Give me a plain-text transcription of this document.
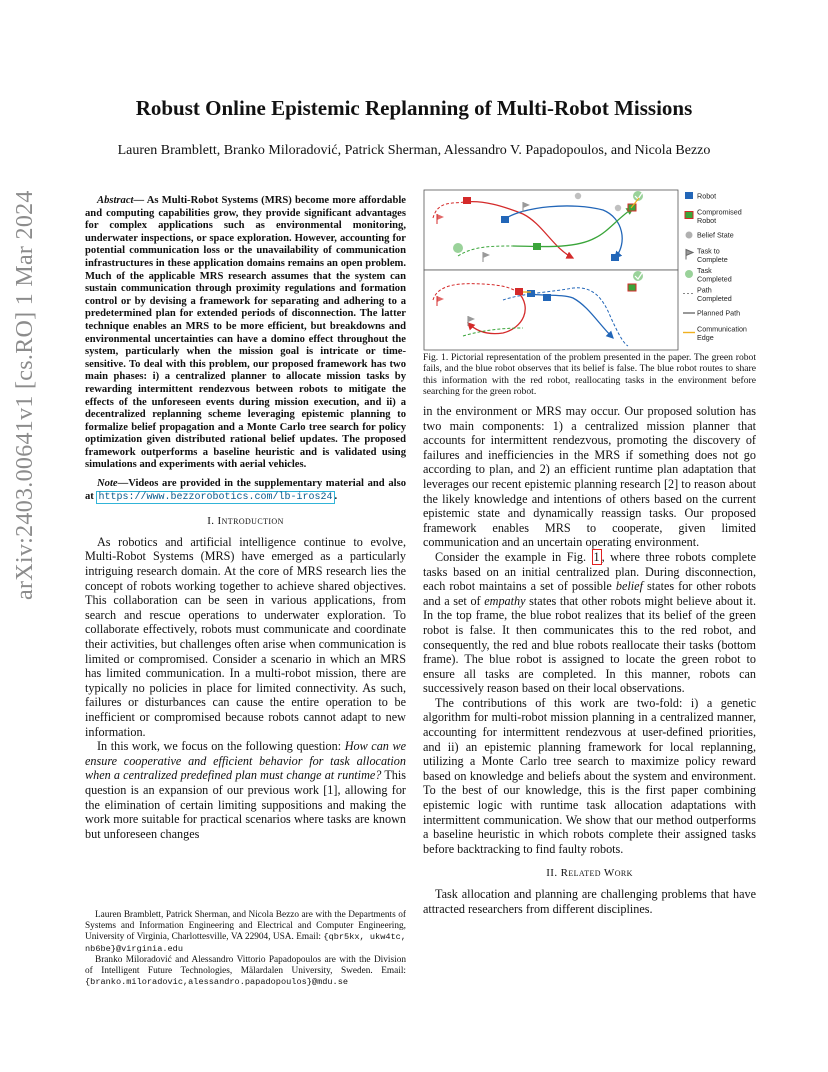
arXiv:2403.00641v1 [cs.RO] 1 Mar 2024
Robust Online Epistemic Replanning of Multi-Robot Missions
Lauren Bramblett, Branko Miloradović, Patrick Sherman, Alessandro V. Papadopoulos, and Nicola Bezzo

Abstract— As Multi-Robot Systems (MRS) become more affordable and computing capabilities grow, they provide significant advantages for complex applications such as environmental monitoring, underwater inspections, or space exploration. However, accounting for potential communication loss or the unavailability of communication infrastructures in these application domains remains an open problem. Much of the applicable MRS research assumes that the system can sustain communication through proximity regulations and formation control or by devising a framework for separating and adhering to a predetermined plan for extended periods of disconnection. The latter technique enables an MRS to be more efficient, but breakdowns and environmental uncertainties can have a domino effect throughout the system, particularly when the mission goal is intricate or time-sensitive. To deal with this problem, our proposed framework has two main phases: i) a centralized planner to allocate mission tasks by rewarding intermittent rendezvous between robots to mitigate the effects of the unforeseen events during mission execution, and ii) a decentralized replanning scheme leveraging epistemic planning to formalize belief propagation and a Monte Carlo tree search for policy optimization given distributed rational belief updates. The proposed framework outperforms a baseline heuristic and is validated using simulations and experiments with aerial vehicles.

Note—Videos are provided in the supplementary material and also at https://www.bezzorobotics.com/lb-iros24 .

I. Introduction

As robotics and artificial intelligence continue to evolve, Multi-Robot Systems (MRS) have emerged as a particularly intriguing research domain. At the core of MRS research lies the concept of robots working together to achieve shared objectives. This collaboration can be seen in various applications, from search and rescue operations to underwater exploration. To collaborate effectively, robots must communicate and coordinate their activities, but challenges often arise when communication is limited or compromised. Consider a scenario in which an MRS has limited communication. In a multi-robot mission, there are typically no policies in place for limited connectivity. As such, failures or disturbances can cause the entire operation to be inefficient or compromised because robots cannot adapt to new information.

In this work, we focus on the following question: How can we ensure cooperative and efficient behavior for task allocation when a centralized predefined plan must change at runtime? This question is an expansion of our previous work [1], allowing for the elimination of certain limiting suppositions and making the work more suitable for practical scenarios where tasks are known but unforeseen changes

Lauren Bramblett, Patrick Sherman, and Nicola Bezzo are with the Departments of Systems and Information Engineering and Electrical and Computer Engineering, University of Virginia, Charlottesville, VA 22904, USA. Email: {qbr5kx, ukw4tc, nb6be}@virginia.edu

Branko Miloradović and Alessandro Vittorio Papadopoulos are with the Division of Intelligent Future Technologies, Mälardalen University, Sweden. Email: {branko.miloradovic,alessandro.papadopoulos}@mdu.se

Robot
Compromised
Robot
Belief State
Task to
Complete
Task
Completed
Path
Completed
Planned Path
Communication
Edge
Fig. 1. Pictorial representation of the problem presented in the paper. The green robot fails, and the blue robot observes that its belief is false. The blue robot routes to share this information with the red robot, reallocating tasks in the environment before searching for the green robot.

in the environment or MRS may occur. Our proposed solution has two main components: 1) a centralized mission planner that accounts for intermittent rendezvous, promoting the discovery of failures and inefficiencies in the MRS if something does not go according to plan, and 2) an efficient runtime plan adaptation that leverages our recent epistemic planning research [2] to reason about the likely knowledge and intentions of others based on the current epistemic state and dynamically reassign tasks. Our proposed framework enables MRS to cooperate, given limited communication and an uncertain operating environment.

Consider the example in Fig. 1 , where three robots complete tasks based on an initial centralized plan. During disconnection, each robot maintains a set of possible belief states for other robots and a set of empathy states that other robots might believe about it. In the top frame, the blue robot realizes that its belief of the green robot is false. It then communicates this to the red robot, and consequently, the red and blue robots reallocate their tasks (bottom frame). The blue robot is assigned to locate the green robot to ensure all tasks are completed. In this manner, robots can successively reason based on their local observations.

The contributions of this work are two-fold: i) a genetic algorithm for multi-robot mission planning in a centralized manner, accounting for intermittent rendezvous at user-defined priorities, and ii) an epistemic planning framework for local replanning, utilizing a Monte Carlo tree search to maximize policy reward based on knowledge and beliefs about the system and environment. To the best of our knowledge, this is the first paper combining epistemic logic with runtime task allocation adaptations with intermittent communication. We show that our method outperforms a baseline heuristic in which robots complete their assigned tasks before backtracking to find faulty robots.

II. Related Work

Task allocation and planning are challenging problems that have attracted researchers from different disciplines.
